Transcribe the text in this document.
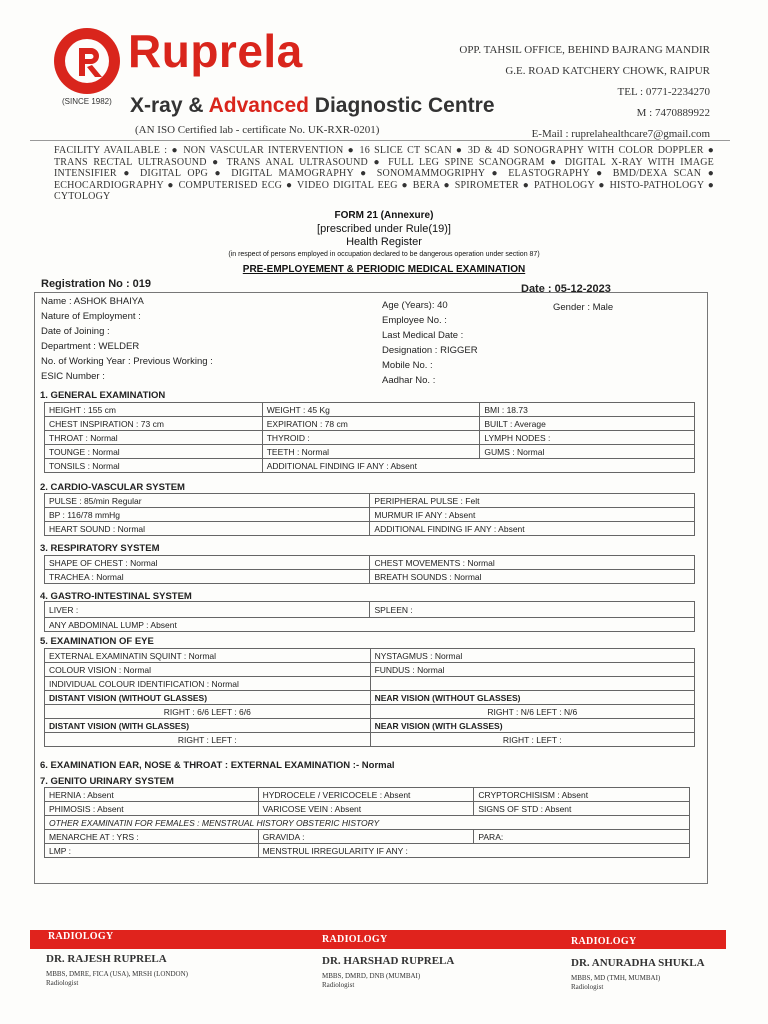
Ruprela
(SINCE 1982) X-ray & Advanced Diagnostic Centre
(AN ISO Certified lab - certificate No. UK-RXR-0201)
OPP. TAHSIL OFFICE, BEHIND BAJRANG MANDIR
G.E. ROAD KATCHERY CHOWK, RAIPUR
TEL : 0771-2234270
M : 7470889922
E-Mail : ruprelahealthcare7@gmail.com
FACILITY AVAILABLE : ● NON VASCULAR INTERVENTION ● 16 SLICE CT SCAN ● 3D & 4D SONOGRAPHY WITH COLOR DOPPLER ● TRANS RECTAL ULTRASOUND ● TRANS ANAL ULTRASOUND ● FULL LEG SPINE SCANOGRAM ● DIGITAL X-RAY WITH IMAGE INTENSIFIER ● DIGITAL OPG ● DIGITAL MAMOGRAPHY ● SONOMAMMOGRIPHY ● ELASTOGRAPHY ● BMD/DEXA SCAN ● ECHOCARDIOGRAPHY ● COMPUTERISED ECG ● VIDEO DIGITAL EEG ● BERA ● SPIROMETER ● PATHOLOGY ● HISTO-PATHOLOGY ● CYTOLOGY
FORM 21 (Annexure)
[prescribed under Rule(19)]
Health Register
(in respect of persons employed in occupation declared to be dangerous operation under section 87)
PRE-EMPLOYEMENT & PERIODIC MEDICAL EXAMINATION
Registration No : 019	Date : 05-12-2023
Name : ASHOK BHAIYA
Nature of Employment :
Date of Joining :
Department : WELDER
No. of Working Year : Previous Working :
ESIC Number :
Age (Years): 40	Gender : Male
Employee No. :
Last Medical Date :
Designation : RIGGER
Mobile No. :
Aadhar No. :
1. GENERAL EXAMINATION
HEIGHT : 155 cm	WEIGHT : 45 Kg	BMI : 18.73
CHEST INSPIRATION : 73 cm	EXPIRATION : 78 cm	BUILT : Average
THROAT : Normal	THYROID :	LYMPH NODES :
TOUNGE : Normal	TEETH : Normal	GUMS : Normal
TONSILS : Normal	ADDITIONAL FINDING IF ANY : Absent	
2. CARDIO-VASCULAR SYSTEM
PULSE : 85/min Regular	PERIPHERAL PULSE : Felt
BP : 116/78 mmHg	MURMUR IF ANY : Absent
HEART SOUND : Normal	ADDITIONAL FINDING IF ANY : Absent
3. RESPIRATORY SYSTEM
SHAPE OF CHEST : Normal	CHEST MOVEMENTS : Normal
TRACHEA : Normal	BREATH SOUNDS : Normal
4. GASTRO-INTESTINAL SYSTEM
LIVER :	SPLEEN :
ANY ABDOMINAL LUMP : Absent
5. EXAMINATION OF EYE
EXTERNAL EXAMINATIN SQUINT : Normal	NYSTAGMUS : Normal
COLOUR VISION : Normal	FUNDUS : Normal
INDIVIDUAL COLOUR IDENTIFICATION : Normal	
DISTANT VISION (WITHOUT GLASSES)	NEAR VISION (WITHOUT GLASSES)
RIGHT : 6/6 LEFT : 6/6	RIGHT : N/6 LEFT : N/6
DISTANT VISION (WITH GLASSES)	NEAR VISION (WITH GLASSES)
RIGHT : LEFT :	RIGHT : LEFT :
6. EXAMINATION EAR, NOSE & THROAT : EXTERNAL EXAMINATION :- Normal
7. GENITO URINARY SYSTEM
HERNIA : Absent	HYDROCELE / VERICOCELE : Absent	CRYPTORCHISISM : Absent
PHIMOSIS : Absent	VARICOSE VEIN : Absent	SIGNS OF STD : Absent
OTHER EXAMINATIN FOR FEMALES : MENSTRUAL HISTORY OBSTERIC HISTORY		
MENARCHE AT : YRS :	GRAVIDA :	PARA:
LMP :	MENSTRUL IRREGULARITY IF ANY :	
RADIOLOGY	RADIOLOGY	RADIOLOGY
DR. RAJESH RUPRELA
MBBS, DMRE, FICA (USA), MRSH (LONDON)
Radiologist
DR. HARSHAD RUPRELA
MBBS, DMRD, DNB (MUMBAI)
Radiologist
DR. ANURADHA SHUKLA
MBBS, MD (TMH, MUMBAI)
Radiologist
